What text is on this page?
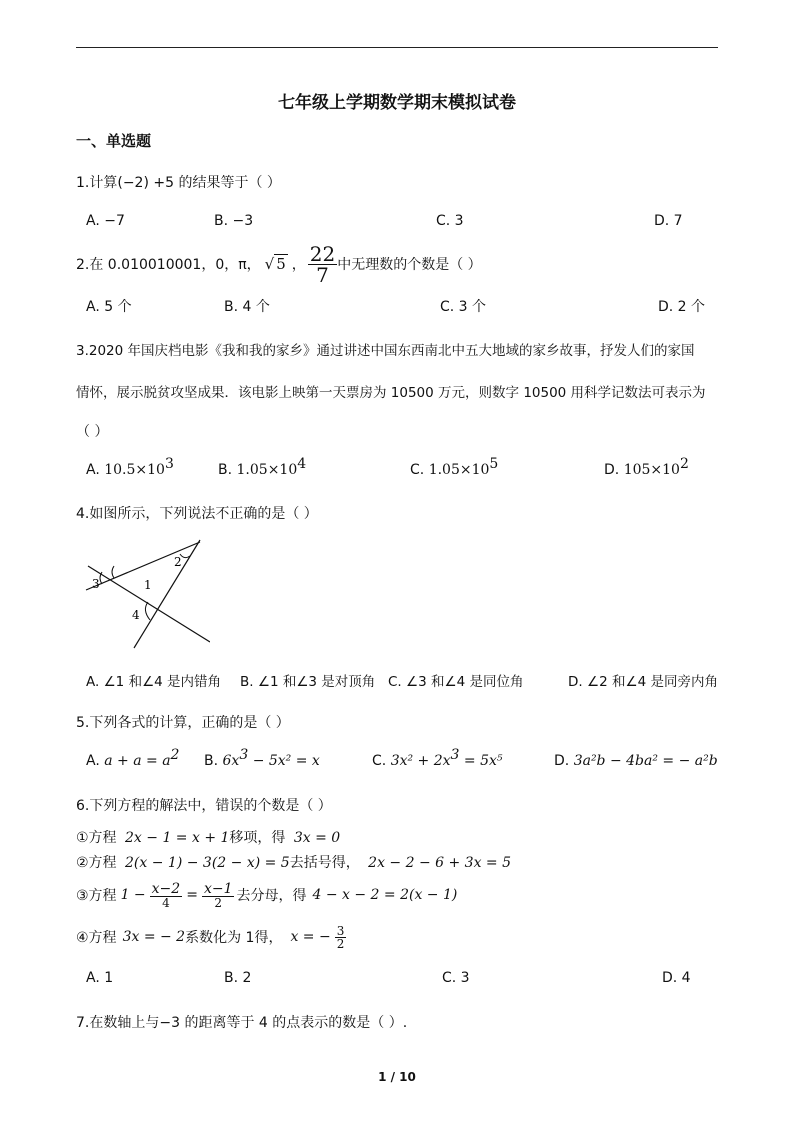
七年级上学期数学期末模拟试卷
一、单选题
1.计算(−2) +5 的结果等于（ ）
A. −7	B. −3	C. 3	D. 7
2.在 0.010010001，0，π， √ 5 ， $\frac{22}{7}$ 中无理数的个数是（ ）
A. 5 个	B. 4 个	C. 3 个	D. 2 个
3.2020 年国庆档电影《我和我的家乡》通过讲述中国东西南北中五大地域的家乡故事，抒发人们的家国
情怀，展示脱贫攻坚成果．该电影上映第一天票房为 10500 万元，则数字 10500 用科学记数法可表示为
（ ）
A. $10.5\times 10^3$	B. $1.05\times 10^4$	C. $1.05\times 10^5$	D. $105\times 10^2$
4.如图所示，下列说法不正确的是（ ）
1
2
3
4
A. ∠1 和∠4 是内错角 B. ∠1 和∠3 是对顶角 C. ∠3 和∠4 是同位角	D. ∠2 和∠4 是同旁内角
5.下列各式的计算，正确的是（ ）
A. $a + a = a^2$ B. $6x^3 - 5x^2 = x$	C. $3x^2 + 2x^3 = 5x^5$	D. 3a²b − 4ba² = − a²b
6.下列方程的解法中，错误的个数是（ ）
①方程 2x − 1 = x + 1移项，得 3x = 0
②方程 2(x − 1) − 3(2 − x) = 5去括号得， 2x − 2 − 6 + 3x = 5
③方程 $1 - \frac{x-2}{4} = \frac{x-1}{2}$ 去分母，得 4 − x − 2 = 2(x − 1)
④方程 3x = − 2 系数化为 1得， x = − $\frac{3}{2}$
A. 1	B. 2	C. 3	D. 4
7.在数轴上与−3 的距离等于 4 的点表示的数是（ ）.
1 / 10
